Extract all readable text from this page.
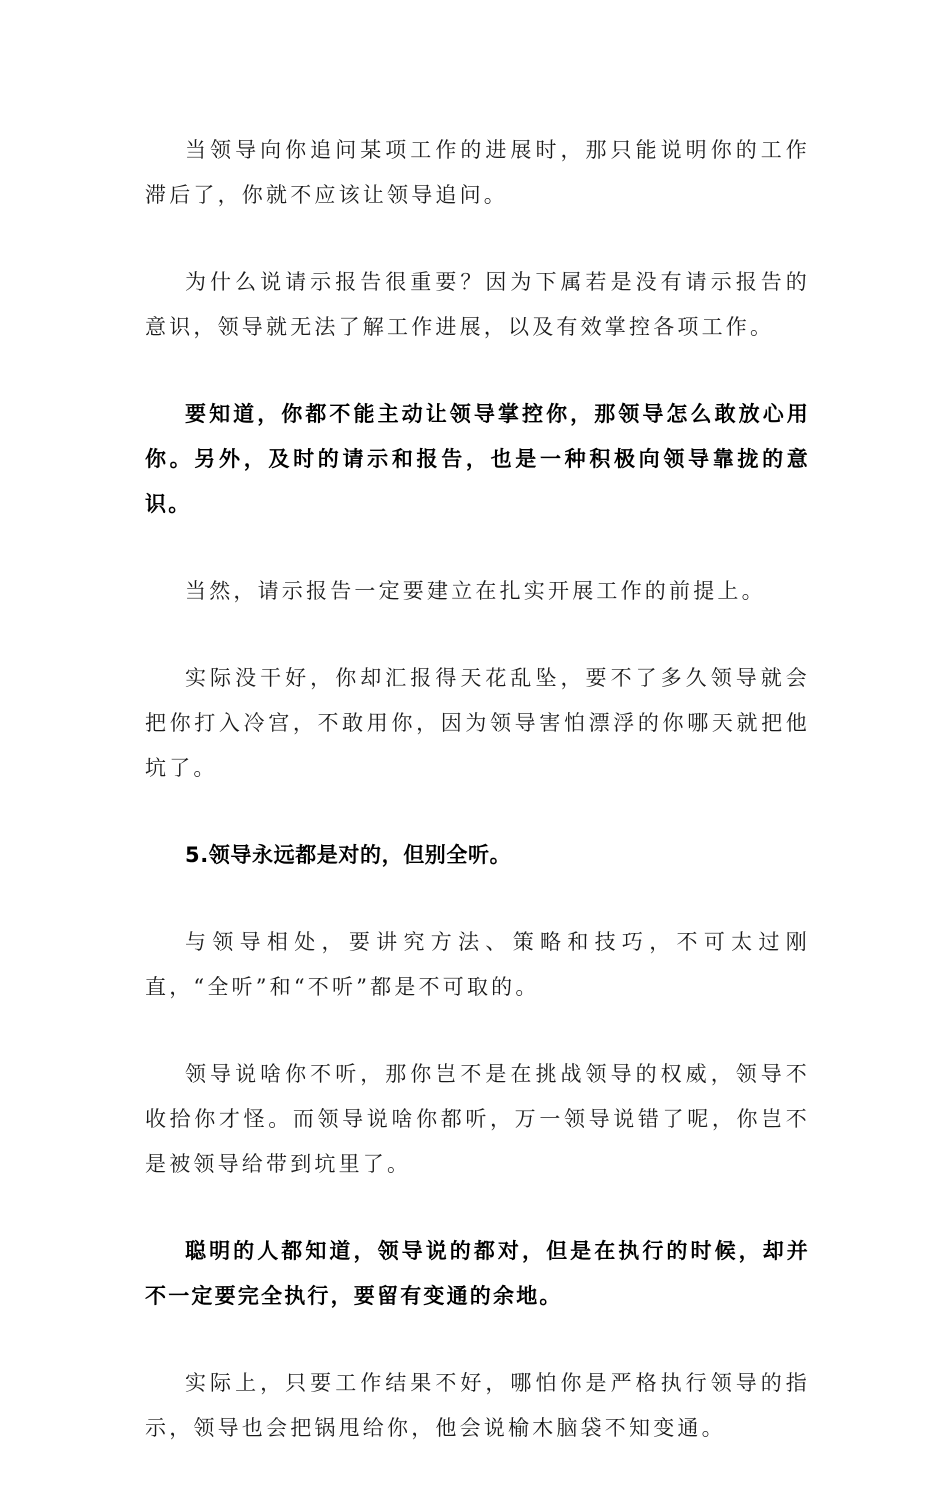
当领导向你追问某项工作的进展时，那只能说明你的工作滞后了，你就不应该让领导追问。

为什么说请示报告很重要？因为下属若是没有请示报告的意识，领导就无法了解工作进展，以及有效掌控各项工作。

要知道，你都不能主动让领导掌控你，那领导怎么敢放心用你。另外，及时的请示和报告，也是一种积极向领导靠拢的意识。

当然，请示报告一定要建立在扎实开展工作的前提上。

实际没干好，你却汇报得天花乱坠，要不了多久领导就会把你打入冷宫，不敢用你，因为领导害怕漂浮的你哪天就把他坑了。

5.领导永远都是对的，但别全听。

与领导相处，要讲究方法、策略和技巧，不可太过刚直，“全听”和“不听”都是不可取的。

领导说啥你不听，那你岂不是在挑战领导的权威，领导不收拾你才怪。而领导说啥你都听，万一领导说错了呢，你岂不是被领导给带到坑里了。

聪明的人都知道，领导说的都对，但是在执行的时候，却并不一定要完全执行，要留有变通的余地。

实际上，只要工作结果不好，哪怕你是严格执行领导的指示，领导也会把锅甩给你，他会说榆木脑袋不知变通。
